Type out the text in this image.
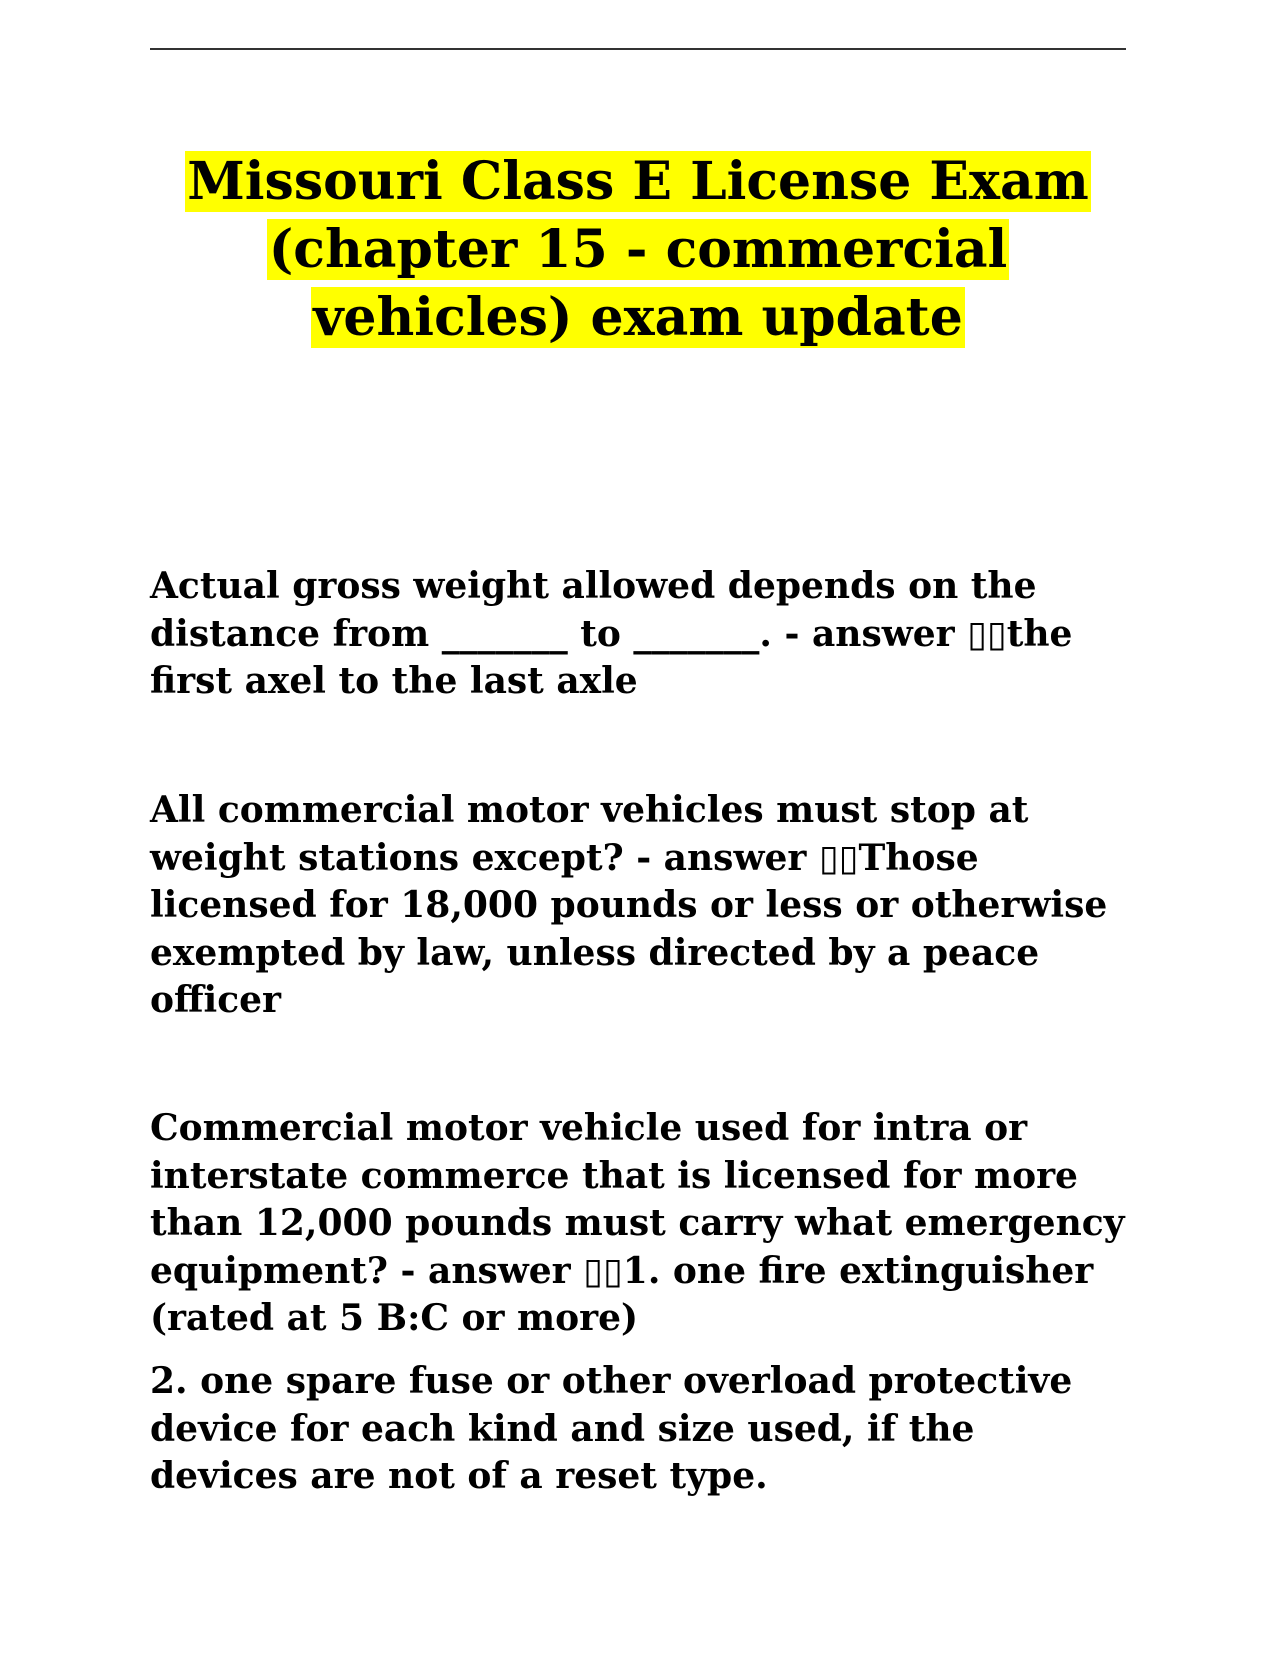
Missouri Class E License Exam
(chapter 15 - commercial
vehicles) exam update

Actual gross weight allowed depends on the distance from _______ to _______. - answer ▯▯the first axel to the last axle

All commercial motor vehicles must stop at weight stations except? - answer ▯▯Those licensed for 18,000 pounds or less or otherwise exempted by law, unless directed by a peace officer

Commercial motor vehicle used for intra or interstate commerce that is licensed for more than 12,000 pounds must carry what emergency equipment? - answer ▯▯1. one fire extinguisher (rated at 5 B:C or more)

2. one spare fuse or other overload protective device for each kind and size used, if the devices are not of a reset type.
